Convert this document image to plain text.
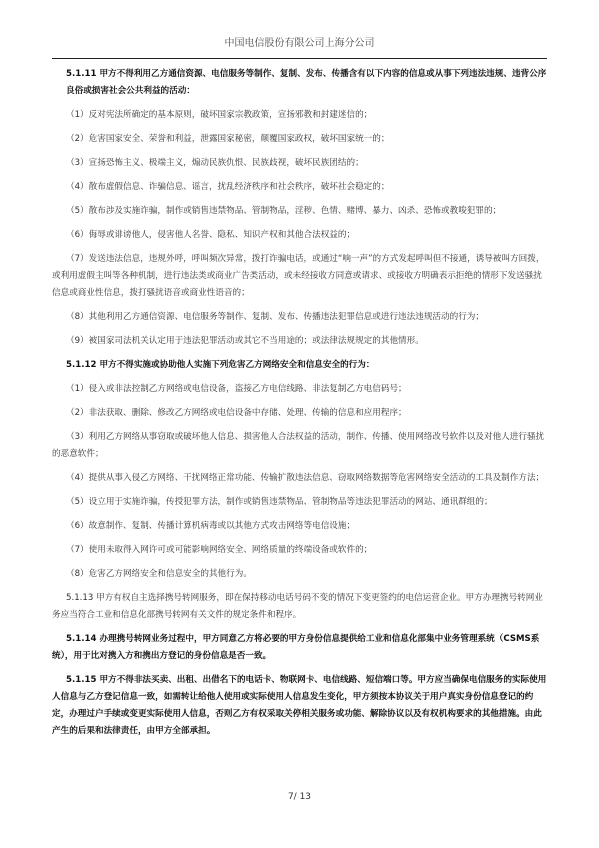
中国电信股份有限公司上海分公司
5.1.11 甲方不得利用乙方通信资源、电信服务等制作、复制、发布、传播含有以下内容的信息或从事下列违法违规、违背公序良俗或损害社会公共利益的活动：
（1）反对宪法所确定的基本原则，破坏国家宗教政策，宣扬邪教和封建迷信的；
（2）危害国家安全、荣誉和利益，泄露国家秘密，颠覆国家政权，破坏国家统一的；
（3）宣扬恐怖主义、极端主义，煽动民族仇恨、民族歧视，破坏民族团结的；
（4）散布虚假信息、诈骗信息、谣言，扰乱经济秩序和社会秩序，破坏社会稳定的；
（5）散布涉及实施诈骗，制作或销售违禁物品、管制物品，淫秽、色情、赌博、暴力、凶杀、恐怖或教唆犯罪的；
（6）侮辱或诽谤他人，侵害他人名誉、隐私、知识产权和其他合法权益的；
（7）发送违法信息，违规外呼，呼叫频次异常，拨打诈骗电话，或通过“响一声”的方式发起呼叫但不接通，诱导被叫方回拨，或利用虚假主叫等各种机制，进行违法类或商业广告类活动，或未经接收方同意或请求、或接收方明确表示拒绝的情形下发送骚扰信息或商业性信息，拨打骚扰语音或商业性语音的；
（8）其他利用乙方通信资源、电信服务等制作、复制、发布、传播违法犯罪信息或进行违法违规活动的行为；
（9）被国家司法机关认定用于违法犯罪活动或其它不当用途的；或法律法规规定的其他情形。
5.1.12 甲方不得实施或协助他人实施下列危害乙方网络安全和信息安全的行为：
（1）侵入或非法控制乙方网络或电信设备，盗接乙方电信线路、非法复制乙方电信码号；
（2）非法获取、删除、修改乙方网络或电信设备中存储、处理、传输的信息和应用程序；
（3）利用乙方网络从事窃取或破坏他人信息、损害他人合法权益的活动，制作、传播、使用网络改号软件以及对他人进行骚扰的恶意软件；
（4）提供从事入侵乙方网络、干扰网络正常功能、传输扩散违法信息、窃取网络数据等危害网络安全活动的工具及制作方法；
（5）设立用于实施诈骗，传授犯罪方法，制作或销售违禁物品、管制物品等违法犯罪活动的网站、通讯群组的；
（6）故意制作、复制、传播计算机病毒或以其他方式攻击网络等电信设施；
（7）使用未取得入网许可或可能影响网络安全、网络质量的终端设备或软件的；
（8）危害乙方网络安全和信息安全的其他行为。
5.1.13 甲方有权自主选择携号转网服务，即在保持移动电话号码不变的情况下变更签约的电信运营企业。甲方办理携号转网业务应当符合工业和信息化部携号转网有关文件的规定条件和程序。
5.1.14 办理携号转网业务过程中，甲方同意乙方将必要的甲方身份信息提供给工业和信息化部集中业务管理系统（CSMS系统），用于比对携入方和携出方登记的身份信息是否一致。
5.1.15 甲方不得非法买卖、出租、出借名下的电话卡、物联网卡、电信线路、短信端口等。甲方应当确保电信服务的实际使用人信息与乙方登记信息一致，如需转让给他人使用或实际使用人信息发生变化，甲方须按本协议关于用户真实身份信息登记的约定，办理过户手续或变更实际使用人信息，否则乙方有权采取关停相关服务或功能、解除协议以及有权机构要求的其他措施。由此产生的后果和法律责任，由甲方全部承担。
7/ 13
